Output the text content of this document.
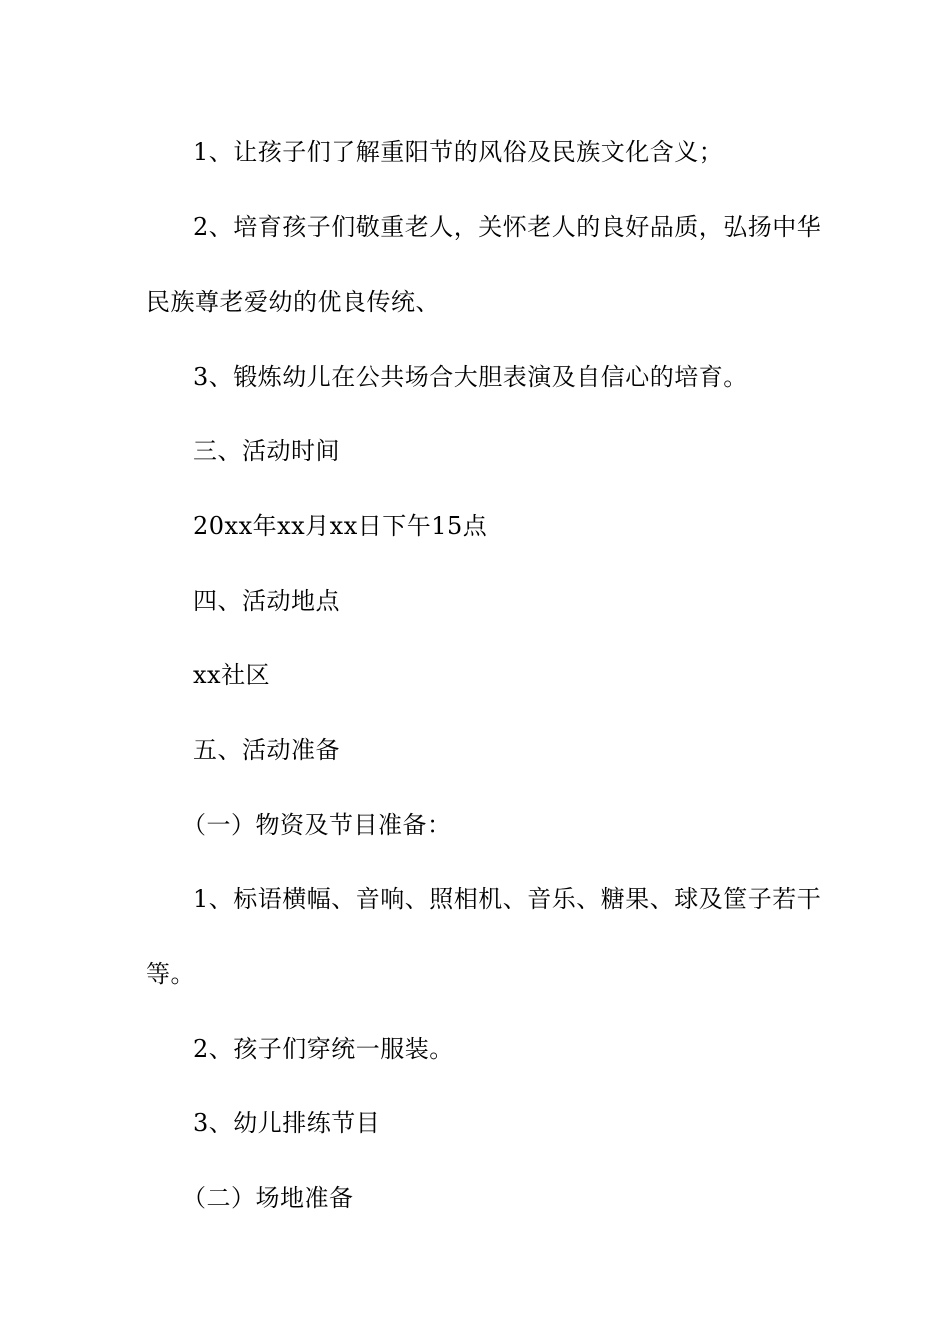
1、让孩子们了解重阳节的风俗及民族文化含义；

2、培育孩子们敬重老人，关怀老人的良好品质，弘扬中华

民族尊老爱幼的优良传统、

3、锻炼幼儿在公共场合大胆表演及自信心的培育。

三、活动时间

20xx年xx月xx日下午15点

四、活动地点

xx社区

五、活动准备

（一）物资及节目准备：

1、标语横幅、音响、照相机、音乐、糖果、球及筐子若干

等。

2、孩子们穿统一服装。

3、幼儿排练节目

（二）场地准备
